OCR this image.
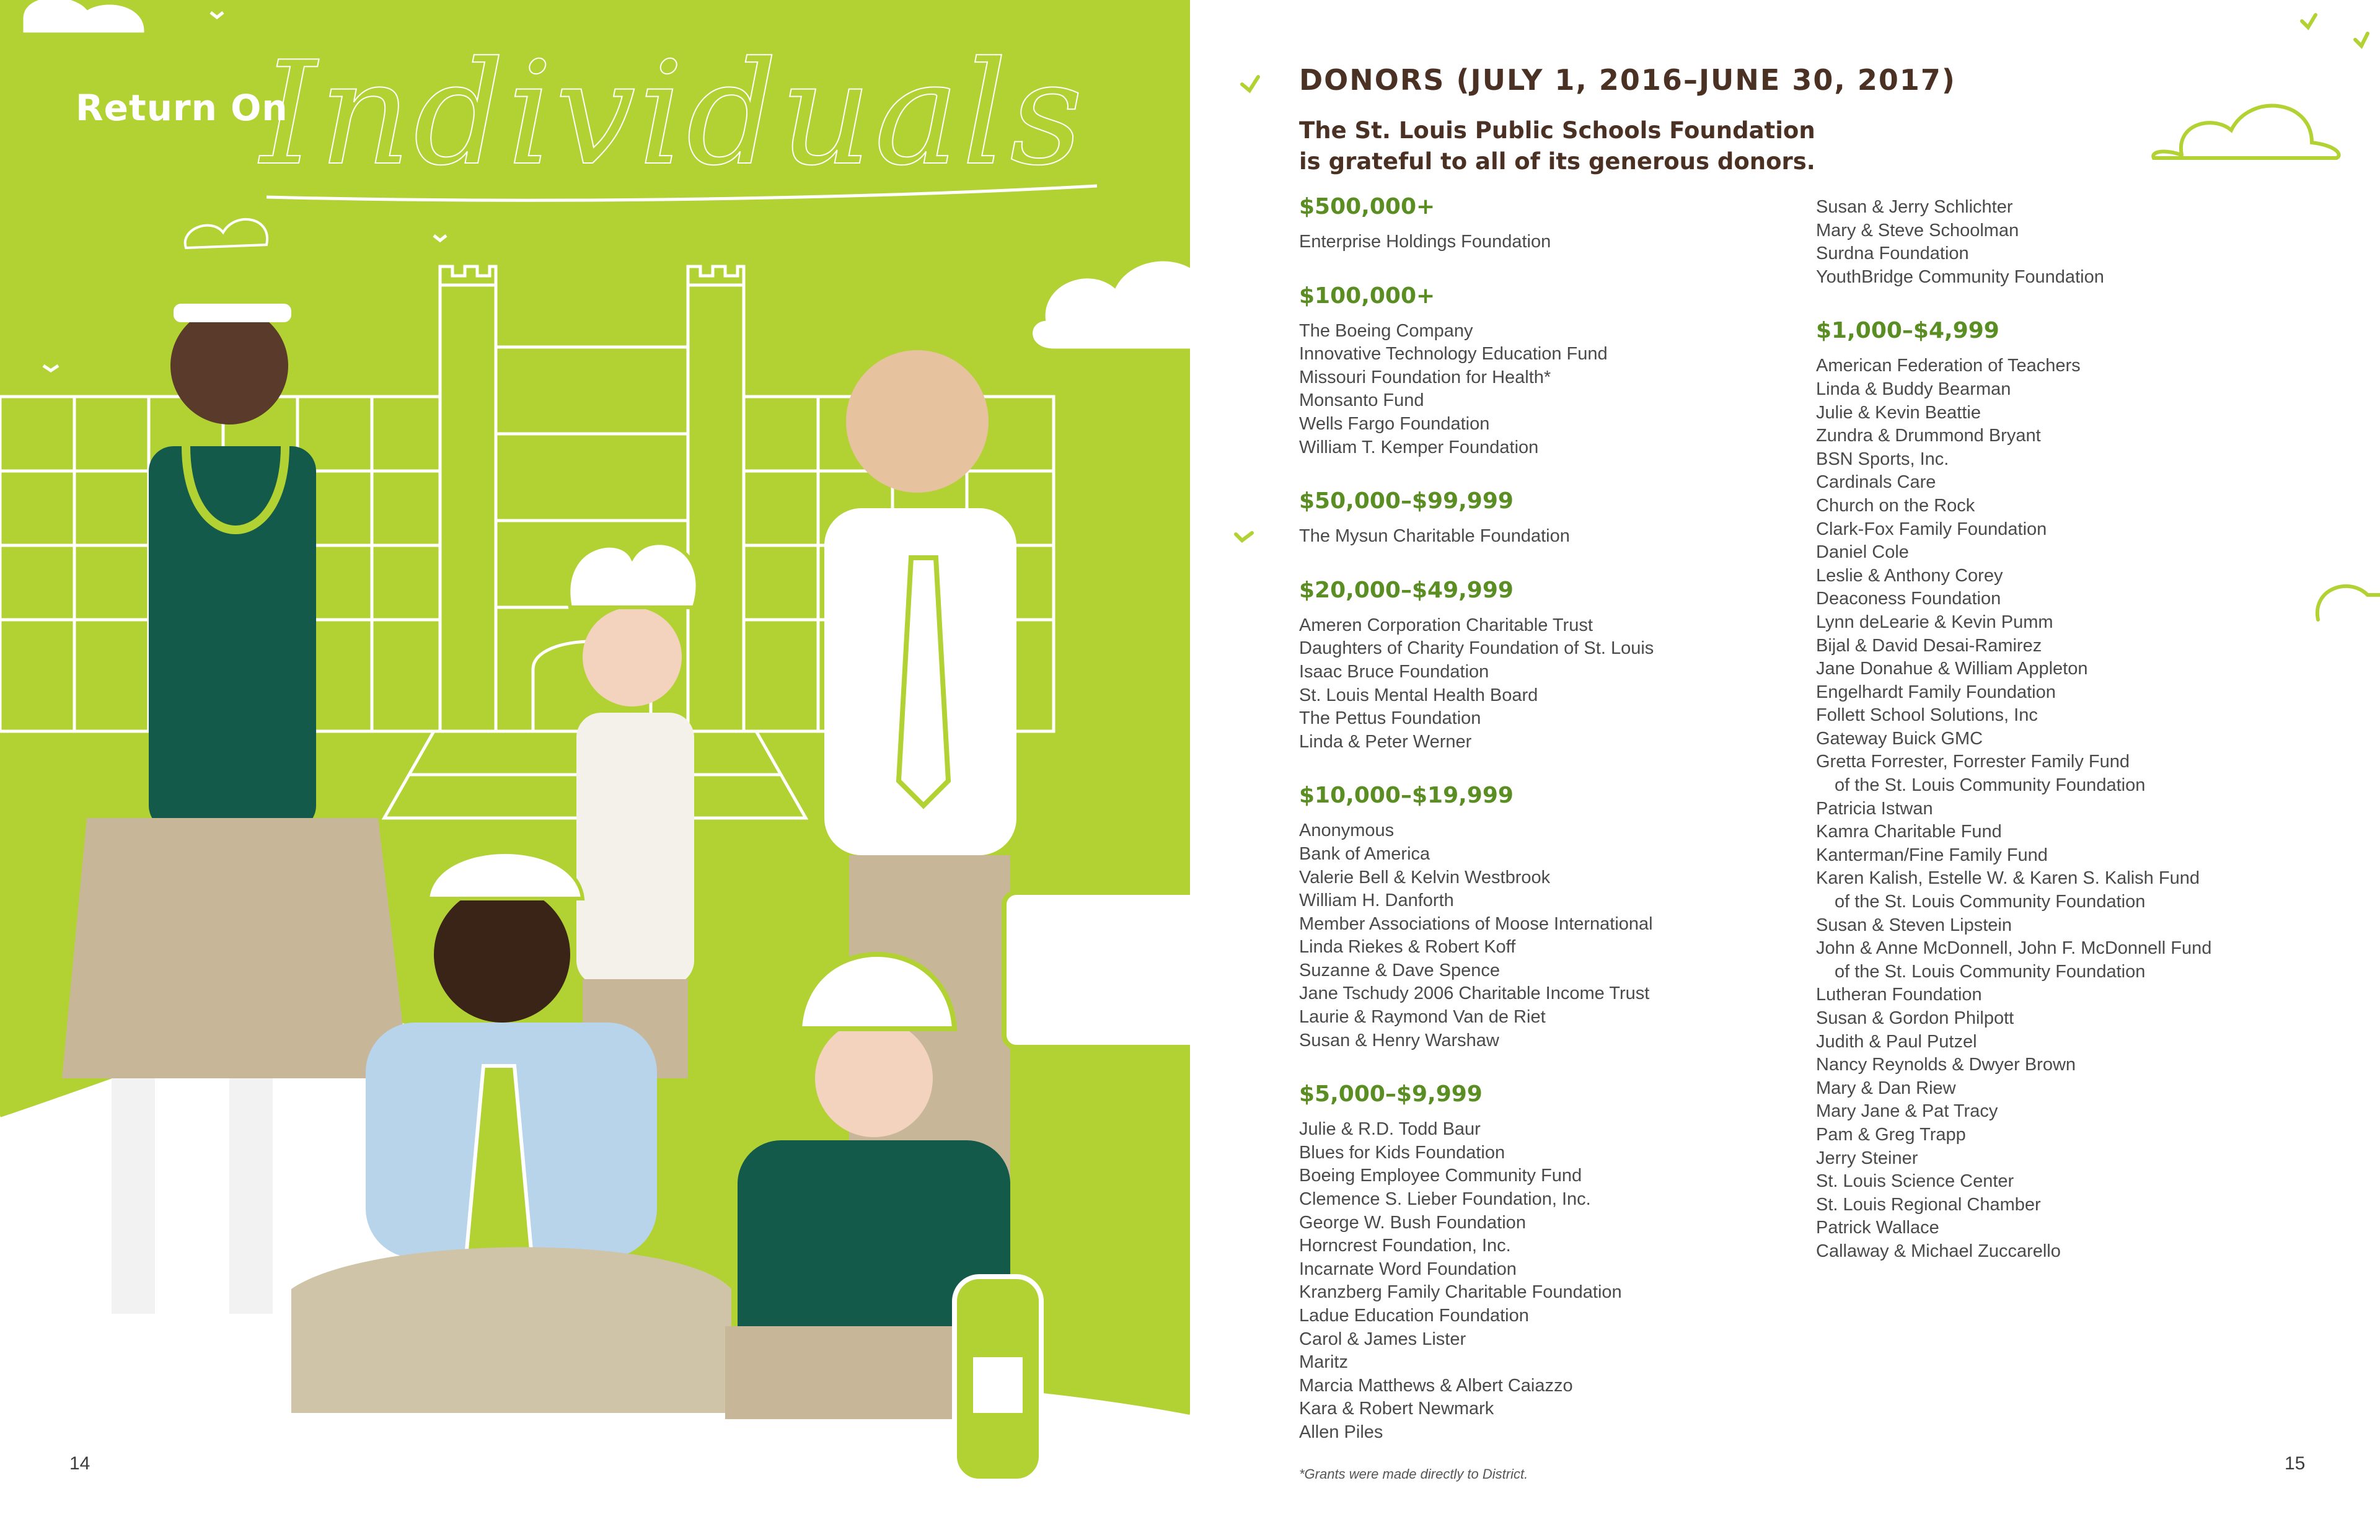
Return On
Individuals
14
DONORS (JULY 1, 2016–JUNE 30, 2017)
The St. Louis Public Schools Foundation
is grateful to all of its generous donors.
$500,000+
Enterprise Holdings Foundation
$100,000+
The Boeing Company
Innovative Technology Education Fund
Missouri Foundation for Health*
Monsanto Fund
Wells Fargo Foundation
William T. Kemper Foundation
$50,000–$99,999
The Mysun Charitable Foundation
$20,000–$49,999
Ameren Corporation Charitable Trust
Daughters of Charity Foundation of St. Louis
Isaac Bruce Foundation
St. Louis Mental Health Board
The Pettus Foundation
Linda & Peter Werner
$10,000–$19,999
Anonymous
Bank of America
Valerie Bell & Kelvin Westbrook
William H. Danforth
Member Associations of Moose International
Linda Riekes & Robert Koff
Suzanne & Dave Spence
Jane Tschudy 2006 Charitable Income Trust
Laurie & Raymond Van de Riet
Susan & Henry Warshaw
$5,000–$9,999
Julie & R.D. Todd Baur
Blues for Kids Foundation
Boeing Employee Community Fund
Clemence S. Lieber Foundation, Inc.
George W. Bush Foundation
Horncrest Foundation, Inc.
Incarnate Word Foundation
Kranzberg Family Charitable Foundation
Ladue Education Foundation
Carol & James Lister
Maritz
Marcia Matthews & Albert Caiazzo
Kara & Robert Newmark
Allen Piles
Susan & Jerry Schlichter
Mary & Steve Schoolman
Surdna Foundation
YouthBridge Community Foundation
$1,000–$4,999
American Federation of Teachers
Linda & Buddy Bearman
Julie & Kevin Beattie
Zundra & Drummond Bryant
BSN Sports, Inc.
Cardinals Care
Church on the Rock
Clark-Fox Family Foundation
Daniel Cole
Leslie & Anthony Corey
Deaconess Foundation
Lynn deLearie & Kevin Pumm
Bijal & David Desai-Ramirez
Jane Donahue & William Appleton
Engelhardt Family Foundation
Follett School Solutions, Inc
Gateway Buick GMC
Gretta Forrester, Forrester Family Fund
of the St. Louis Community Foundation
Patricia Istwan
Kamra Charitable Fund
Kanterman/Fine Family Fund
Karen Kalish, Estelle W. & Karen S. Kalish Fund
of the St. Louis Community Foundation
Susan & Steven Lipstein
John & Anne McDonnell, John F. McDonnell Fund
of the St. Louis Community Foundation
Lutheran Foundation
Susan & Gordon Philpott
Judith & Paul Putzel
Nancy Reynolds & Dwyer Brown
Mary & Dan Riew
Mary Jane & Pat Tracy
Pam & Greg Trapp
Jerry Steiner
St. Louis Science Center
St. Louis Regional Chamber
Patrick Wallace
Callaway & Michael Zuccarello
*Grants were made directly to District.
15
